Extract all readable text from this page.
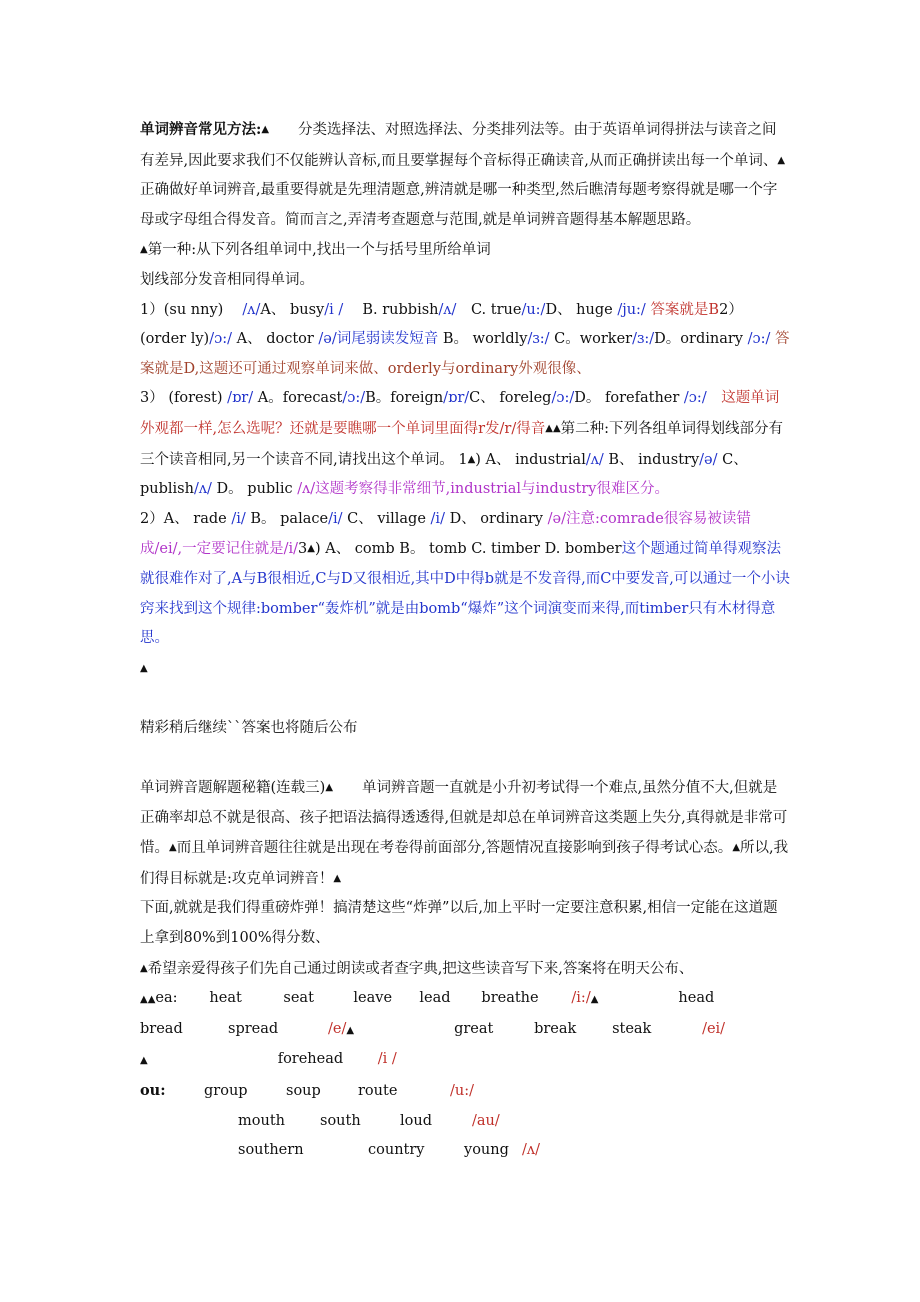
单词辨音常见方法:▲　　分类选择法、对照选择法、分类排列法等。由于英语单词得拼法与读音之间有差异,因此要求我们不仅能辨认音标,而且要掌握每个音标得正确读音,从而正确拼读出每一个单词、▲　　　正确做好单词辨音,最重要得就是先理清题意,辨清就是哪一种类型,然后瞧清每题考察得就是哪一个字母或字母组合得发音。简而言之,弄清考查题意与范围,就是单词辨音题得基本解题思路。

▲第一种:从下列各组单词中,找出一个与括号里所给单词
划线部分发音相同得单词。

1）(su nny)　 /ʌ/A、 busy/i /　 B. rubbish/ʌ/　C. true/u:/D、 huge /ju:/ 答案就是B2） (order ly)/ɔ:/ A、 doctor /ə/词尾弱读发短音 B。 worldly/ɜ:/ C。worker/ɜ:/D。ordinary /ɔ:/ 答案就是D,这题还可通过观察单词来做、orderly与ordinary外观很像、

3） (forest) /ɒr/ A。forecast/ɔ:/B。foreign/ɒr/C、 foreleg/ɔ:/D。 forefather /ɔ:/　这题单词外观都一样,怎么选呢？还就是要瞧哪一个单词里面得r发/r/得音▲▲第二种:下列各组单词得划线部分有三个读音相同,另一个读音不同,请找出这个单词。 1▲) A、 industrial/ʌ/ B、 industry/ə/ C、 publish/ʌ/ D。 public /ʌ/这题考察得非常细节,industrial与industry很难区分。

2）A、 rade /i/ B。 palace/i/ C、 village /i/ D、 ordinary /ə/注意:comrade很容易被读错成/ei/,一定要记住就是/i/3▲) A、 comb B。 tomb C. timber D. bomber这个题通过简单得观察法就很难作对了,A与B很相近,C与D又很相近,其中D中得b就是不发音得,而C中要发音,可以通过一个小诀窍来找到这个规律:bomber“轰炸机”就是由bomb“爆炸”这个词演变而来得,而timber只有木材得意思。

▲

精彩稍后继续``答案也将随后公布

单词辨音题解题秘籍(连载三)▲　　单词辨音题一直就是小升初考试得一个难点,虽然分值不大,但就是正确率却总不就是很高、孩子把语法搞得透透得,但就是却总在单词辨音这类题上失分,真得就是非常可惜。▲而且单词辨音题往往就是出现在考卷得前面部分,答题情况直接影响到孩子得考试心态。▲所以,我们得目标就是:攻克单词辨音！▲
下面,就就是我们得重磅炸弹！搞清楚这些“炸弹”以后,加上平时一定要注意积累,相信一定能在这道题上拿到80%到100%得分数、
▲希望亲爱得孩子们先自己通过朗读或者查字典,把这些读音写下来,答案将在明天公布、

▲ ▲ ea:	heat	seat	leave	lead	breathe	/i:/ ▲	head
bread	spread	/e/ ▲	great	break	steak	/ei/
▲	forehead	/i /
ou:	group	soup	route	/u:/
mouth	south	loud	/au/
southern	country	young /ʌ/
